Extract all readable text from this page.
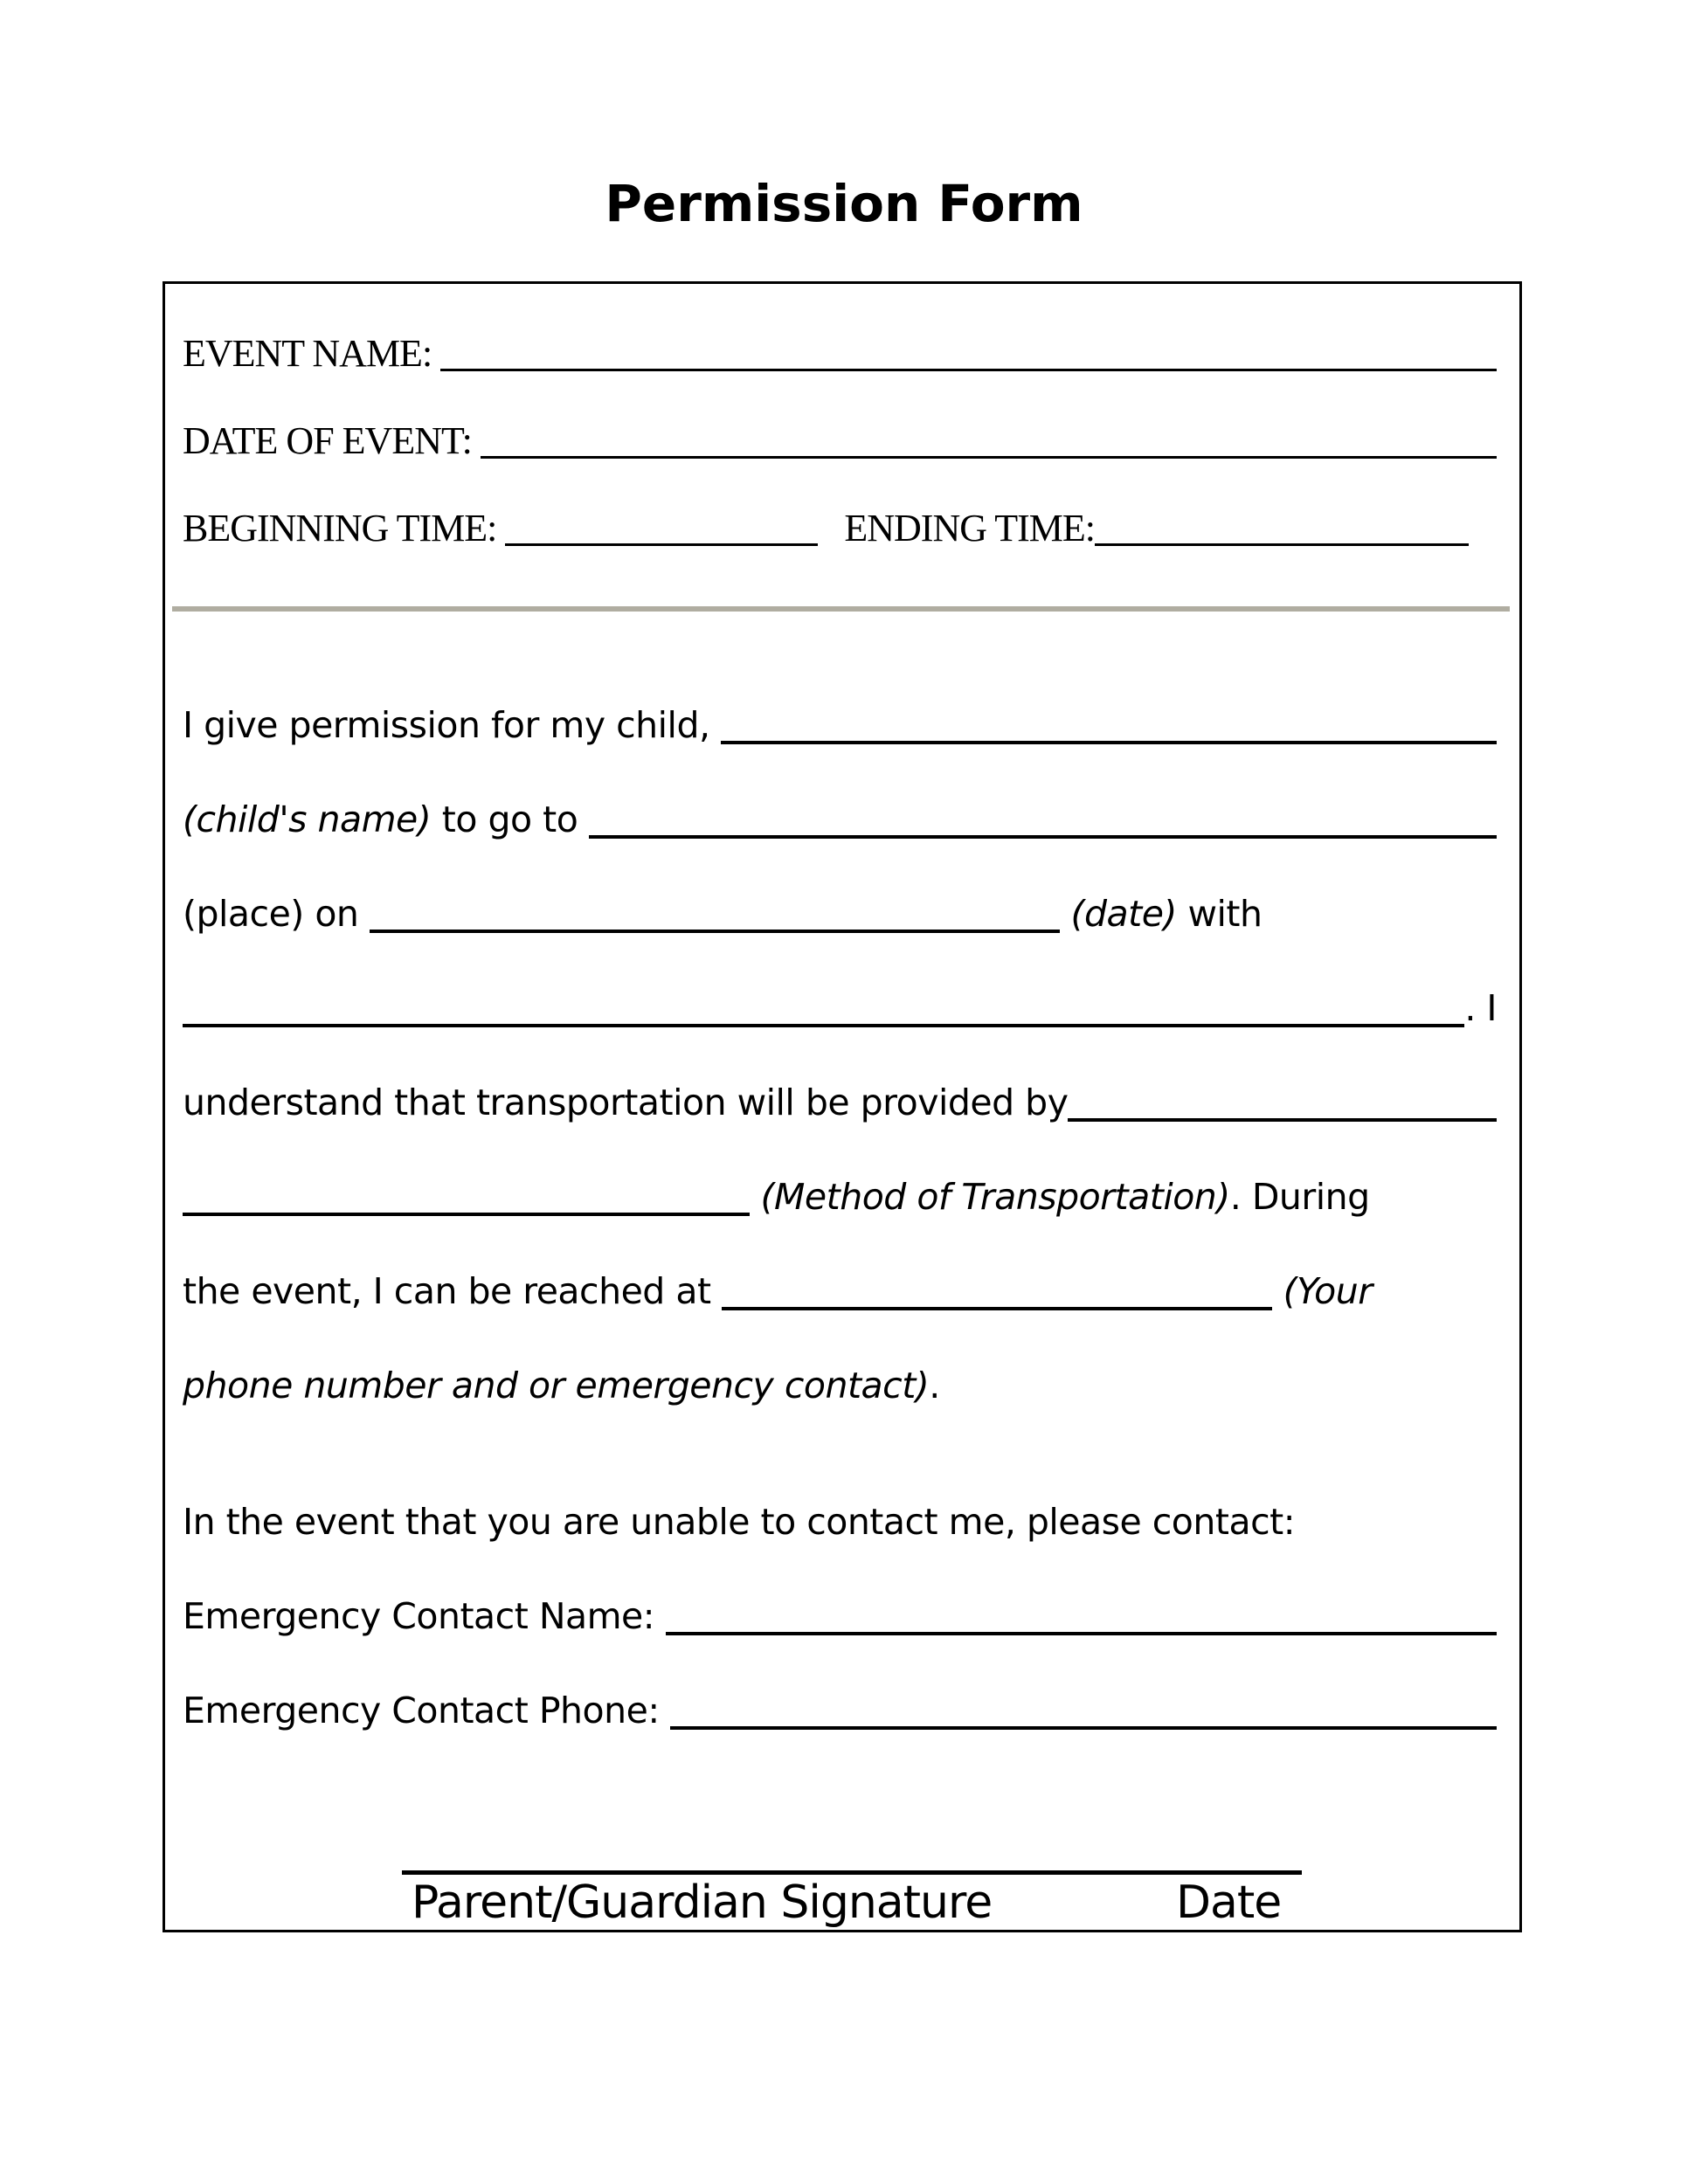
Permission Form
EVENT NAME:
DATE OF EVENT:
BEGINNING TIME:	ENDING TIME:
I give permission for my child,
(child's name) to go to
(place) on	(date) with
. I
understand that transportation will be provided by
(Method of Transportation) . During
the event, I can be reached at	(Your
phone number and or emergency contact) .
In the event that you are unable to contact me, please contact:
Emergency Contact Name:
Emergency Contact Phone:
Parent/Guardian Signature	Date
